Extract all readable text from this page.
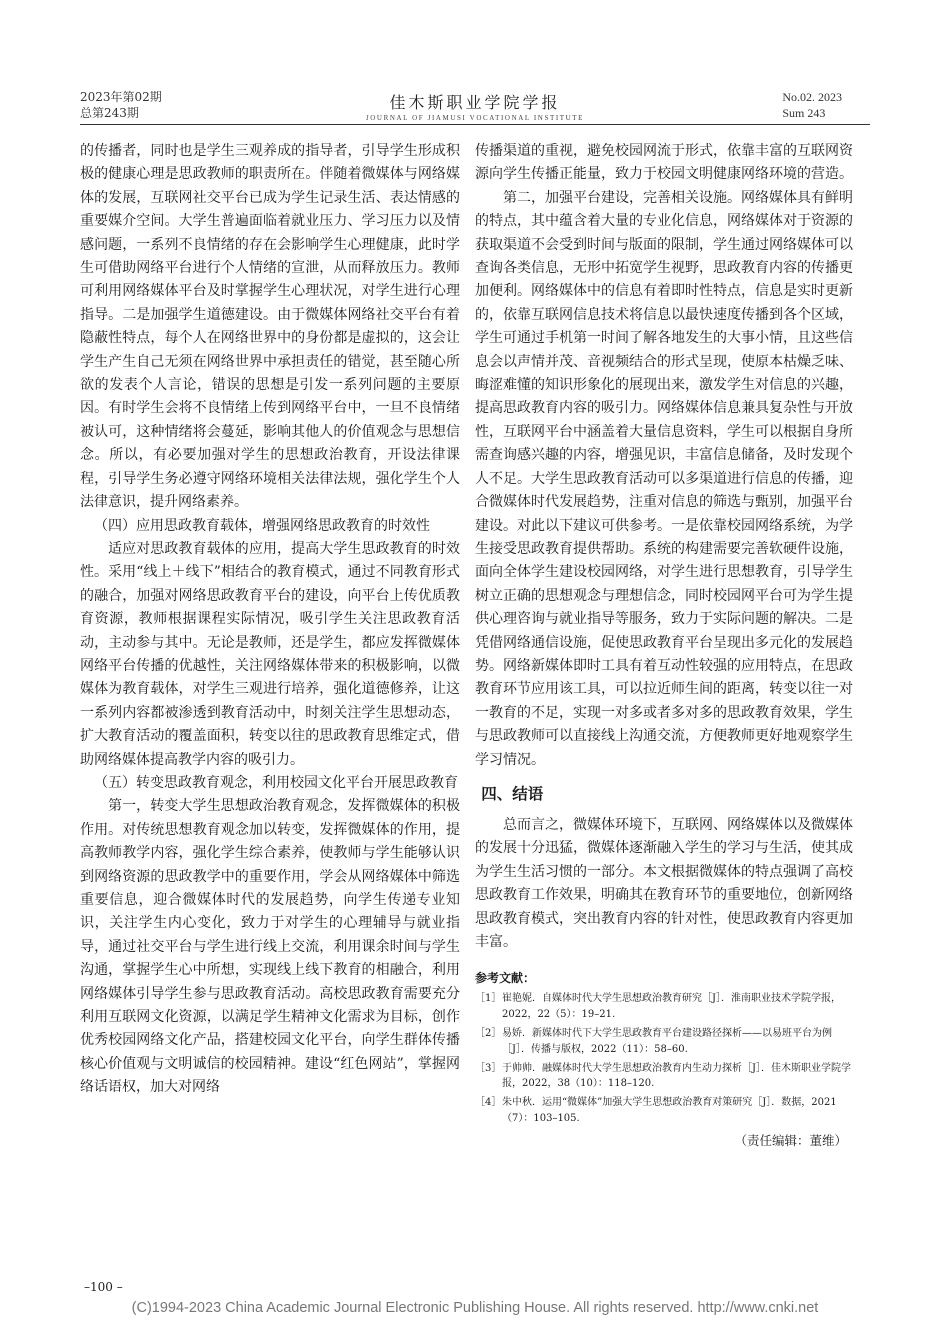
2023年第02期
总第243期
佳木斯职业学院学报
JOURNAL OF JIAMUSI VOCATIONAL INSTITUTE
No.02. 2023
Sum 243

的传播者，同时也是学生三观养成的指导者，引导学生形成积极的健康心理是思政教师的职责所在。伴随着微媒体与网络媒体的发展，互联网社交平台已成为学生记录生活、表达情感的重要媒介空间。大学生普遍面临着就业压力、学习压力以及情感问题，一系列不良情绪的存在会影响学生心理健康，此时学生可借助网络平台进行个人情绪的宣泄，从而释放压力。教师可利用网络媒体平台及时掌握学生心理状况，对学生进行心理指导。二是加强学生道德建设。由于微媒体网络社交平台有着隐蔽性特点，每个人在网络世界中的身份都是虚拟的，这会让学生产生自己无须在网络世界中承担责任的错觉，甚至随心所欲的发表个人言论，错误的思想是引发一系列问题的主要原因。有时学生会将不良情绪上传到网络平台中，一旦不良情绪被认可，这种情绪将会蔓延，影响其他人的价值观念与思想信念。所以，有必要加强对学生的思想政治教育，开设法律课程，引导学生务必遵守网络环境相关法律法规，强化学生个人法律意识，提升网络素养。

（四）应用思政教育载体，增强网络思政教育的时效性

适应对思政教育载体的应用，提高大学生思政教育的时效性。采用“线上＋线下”相结合的教育模式，通过不同教育形式的融合，加强对网络思政教育平台的建设，向平台上传优质教育资源，教师根据课程实际情况，吸引学生关注思政教育活动，主动参与其中。无论是教师，还是学生，都应发挥微媒体网络平台传播的优越性，关注网络媒体带来的积极影响，以微媒体为教育载体，对学生三观进行培养，强化道德修养，让这一系列内容都被渗透到教育活动中，时刻关注学生思想动态，扩大教育活动的覆盖面积，转变以往的思政教育思维定式，借助网络媒体提高教学内容的吸引力。

（五）转变思政教育观念，利用校园文化平台开展思政教育

第一，转变大学生思想政治教育观念，发挥微媒体的积极作用。对传统思想教育观念加以转变，发挥微媒体的作用，提高教师教学内容，强化学生综合素养，使教师与学生能够认识到网络资源的思政教学中的重要作用，学会从网络媒体中筛选重要信息，迎合微媒体时代的发展趋势，向学生传递专业知识，关注学生内心变化，致力于对学生的心理辅导与就业指导，通过社交平台与学生进行线上交流，利用课余时间与学生沟通，掌握学生心中所想，实现线上线下教育的相融合，利用网络媒体引导学生参与思政教育活动。高校思政教育需要充分利用互联网文化资源，以满足学生精神文化需求为目标，创作优秀校园网络文化产品，搭建校园文化平台，向学生群体传播核心价值观与文明诚信的校园精神。建设“红色网站”，掌握网络话语权，加大对网络

传播渠道的重视，避免校园网流于形式，依靠丰富的互联网资源向学生传播正能量，致力于校园文明健康网络环境的营造。

第二，加强平台建设，完善相关设施。网络媒体具有鲜明的特点，其中蕴含着大量的专业化信息，网络媒体对于资源的获取渠道不会受到时间与版面的限制，学生通过网络媒体可以查询各类信息，无形中拓宽学生视野，思政教育内容的传播更加便利。网络媒体中的信息有着即时性特点，信息是实时更新的，依靠互联网信息技术将信息以最快速度传播到各个区域，学生可通过手机第一时间了解各地发生的大事小情，且这些信息会以声情并茂、音视频结合的形式呈现，使原本枯燥乏味、晦涩难懂的知识形象化的展现出来，激发学生对信息的兴趣，提高思政教育内容的吸引力。网络媒体信息兼具复杂性与开放性，互联网平台中涵盖着大量信息资料，学生可以根据自身所需查询感兴趣的内容，增强见识，丰富信息储备，及时发现个人不足。大学生思政教育活动可以多渠道进行信息的传播，迎合微媒体时代发展趋势，注重对信息的筛选与甄别，加强平台建设。对此以下建议可供参考。一是依靠校园网络系统，为学生接受思政教育提供帮助。系统的构建需要完善软硬件设施，面向全体学生建设校园网络，对学生进行思想教育，引导学生树立正确的思想观念与理想信念，同时校园网平台可为学生提供心理咨询与就业指导等服务，致力于实际问题的解决。二是凭借网络通信设施，促使思政教育平台呈现出多元化的发展趋势。网络新媒体即时工具有着互动性较强的应用特点，在思政教育环节应用该工具，可以拉近师生间的距离，转变以往一对一教育的不足，实现一对多或者多对多的思政教育效果，学生与思政教师可以直接线上沟通交流，方便教师更好地观察学生学习情况。

四、结语

总而言之，微媒体环境下，互联网、网络媒体以及微媒体的发展十分迅猛，微媒体逐渐融入学生的学习与生活，使其成为学生生活习惯的一部分。本文根据微媒体的特点强调了高校思政教育工作效果，明确其在教育环节的重要地位，创新网络思政教育模式，突出教育内容的针对性，使思政教育内容更加丰富。

参考文献：
［1］ 崔艳妮．自媒体时代大学生思想政治教育研究［J］．淮南职业技术学院学报，2022，22（5）：19–21.
［2］ 易娇．新媒体时代下大学生思政教育平台建设路径探析——以易班平台为例［J］．传播与版权，2022（11）：58–60.
［3］ 于帅帅．融媒体时代大学生思想政治教育内生动力探析［J］．佳木斯职业学院学报，2022，38（10）：118–120.
［4］ 朱中秋．运用“微媒体”加强大学生思想政治教育对策研究［J］．数据，2021（7）：103–105.
（责任编辑：董维）
–100 –
(C)1994-2023 China Academic Journal Electronic Publishing House. All rights reserved. http://www.cnki.net
